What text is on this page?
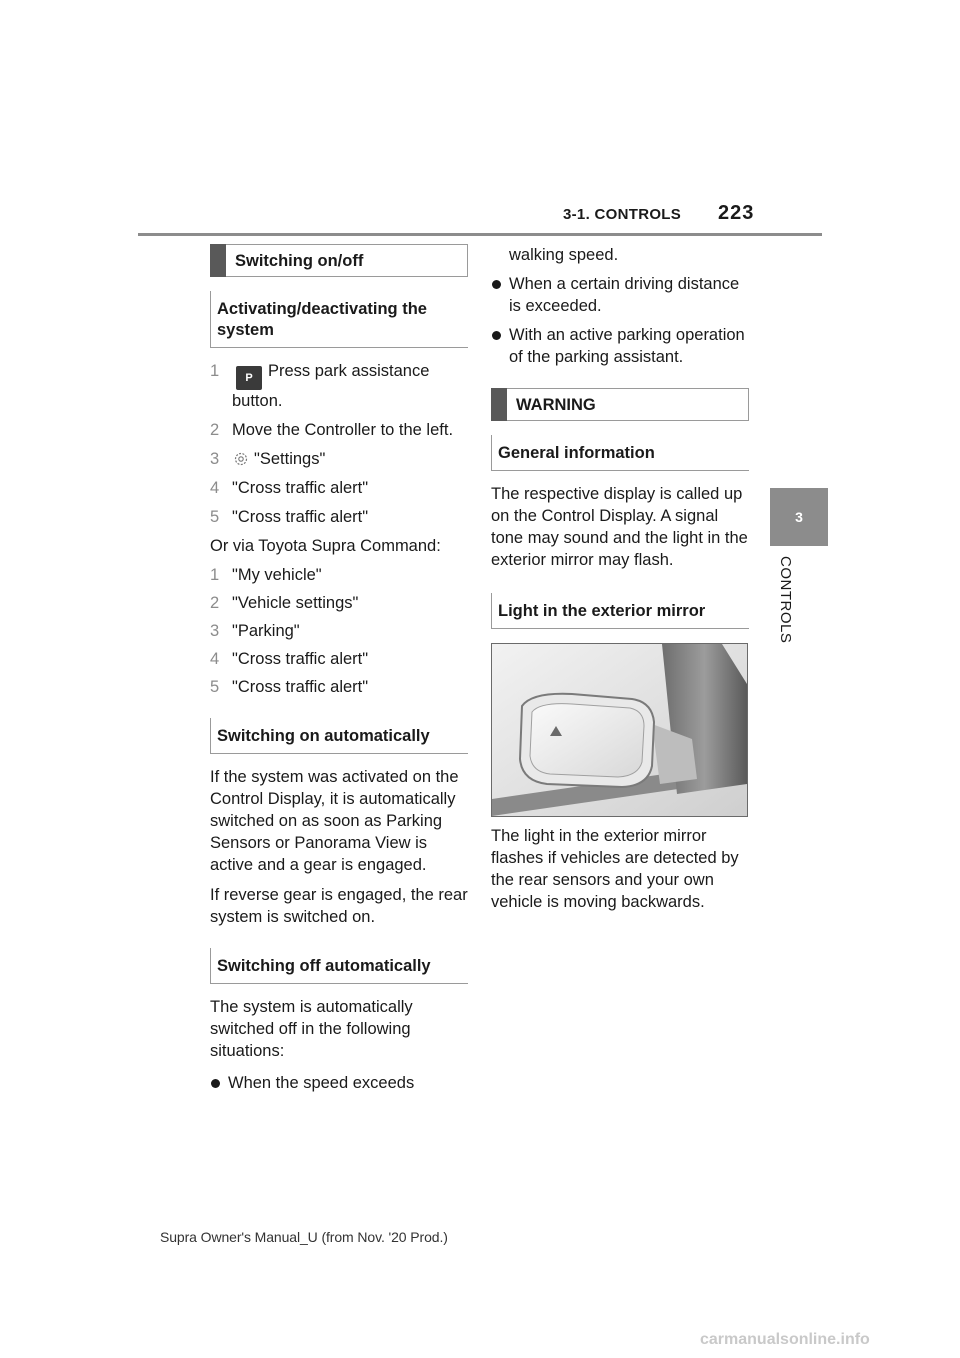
3-1. CONTROLS 223
3
CONTROLS
Switching on/off
Activating/deactivating the system
1 P Press park assistance button.
2 Move the Controller to the left.
3 "Settings"
4 "Cross traffic alert"
5 "Cross traffic alert"

Or via Toyota Supra Command:

1 "My vehicle"
2 "Vehicle settings"
3 "Parking"
4 "Cross traffic alert"
5 "Cross traffic alert"
Switching on automatically

If the system was activated on the Control Display, it is automatically switched on as soon as Parking Sensors or Panorama View is active and a gear is engaged.

If reverse gear is engaged, the rear system is switched on.

Switching off automatically

The system is automatically switched off in the following situations:

When the speed exceeds
walking speed.
When a certain driving distance is exceeded.
With an active parking operation of the parking assistant.
WARNING
General information

The respective display is called up on the Control Display. A signal tone may sound and the light in the exterior mirror may flash.

Light in the exterior mirror

The light in the exterior mirror flashes if vehicles are detected by the rear sensors and your own vehicle is moving backwards.

Supra Owner's Manual_U (from Nov. '20 Prod.)
carmanualsonline.info
